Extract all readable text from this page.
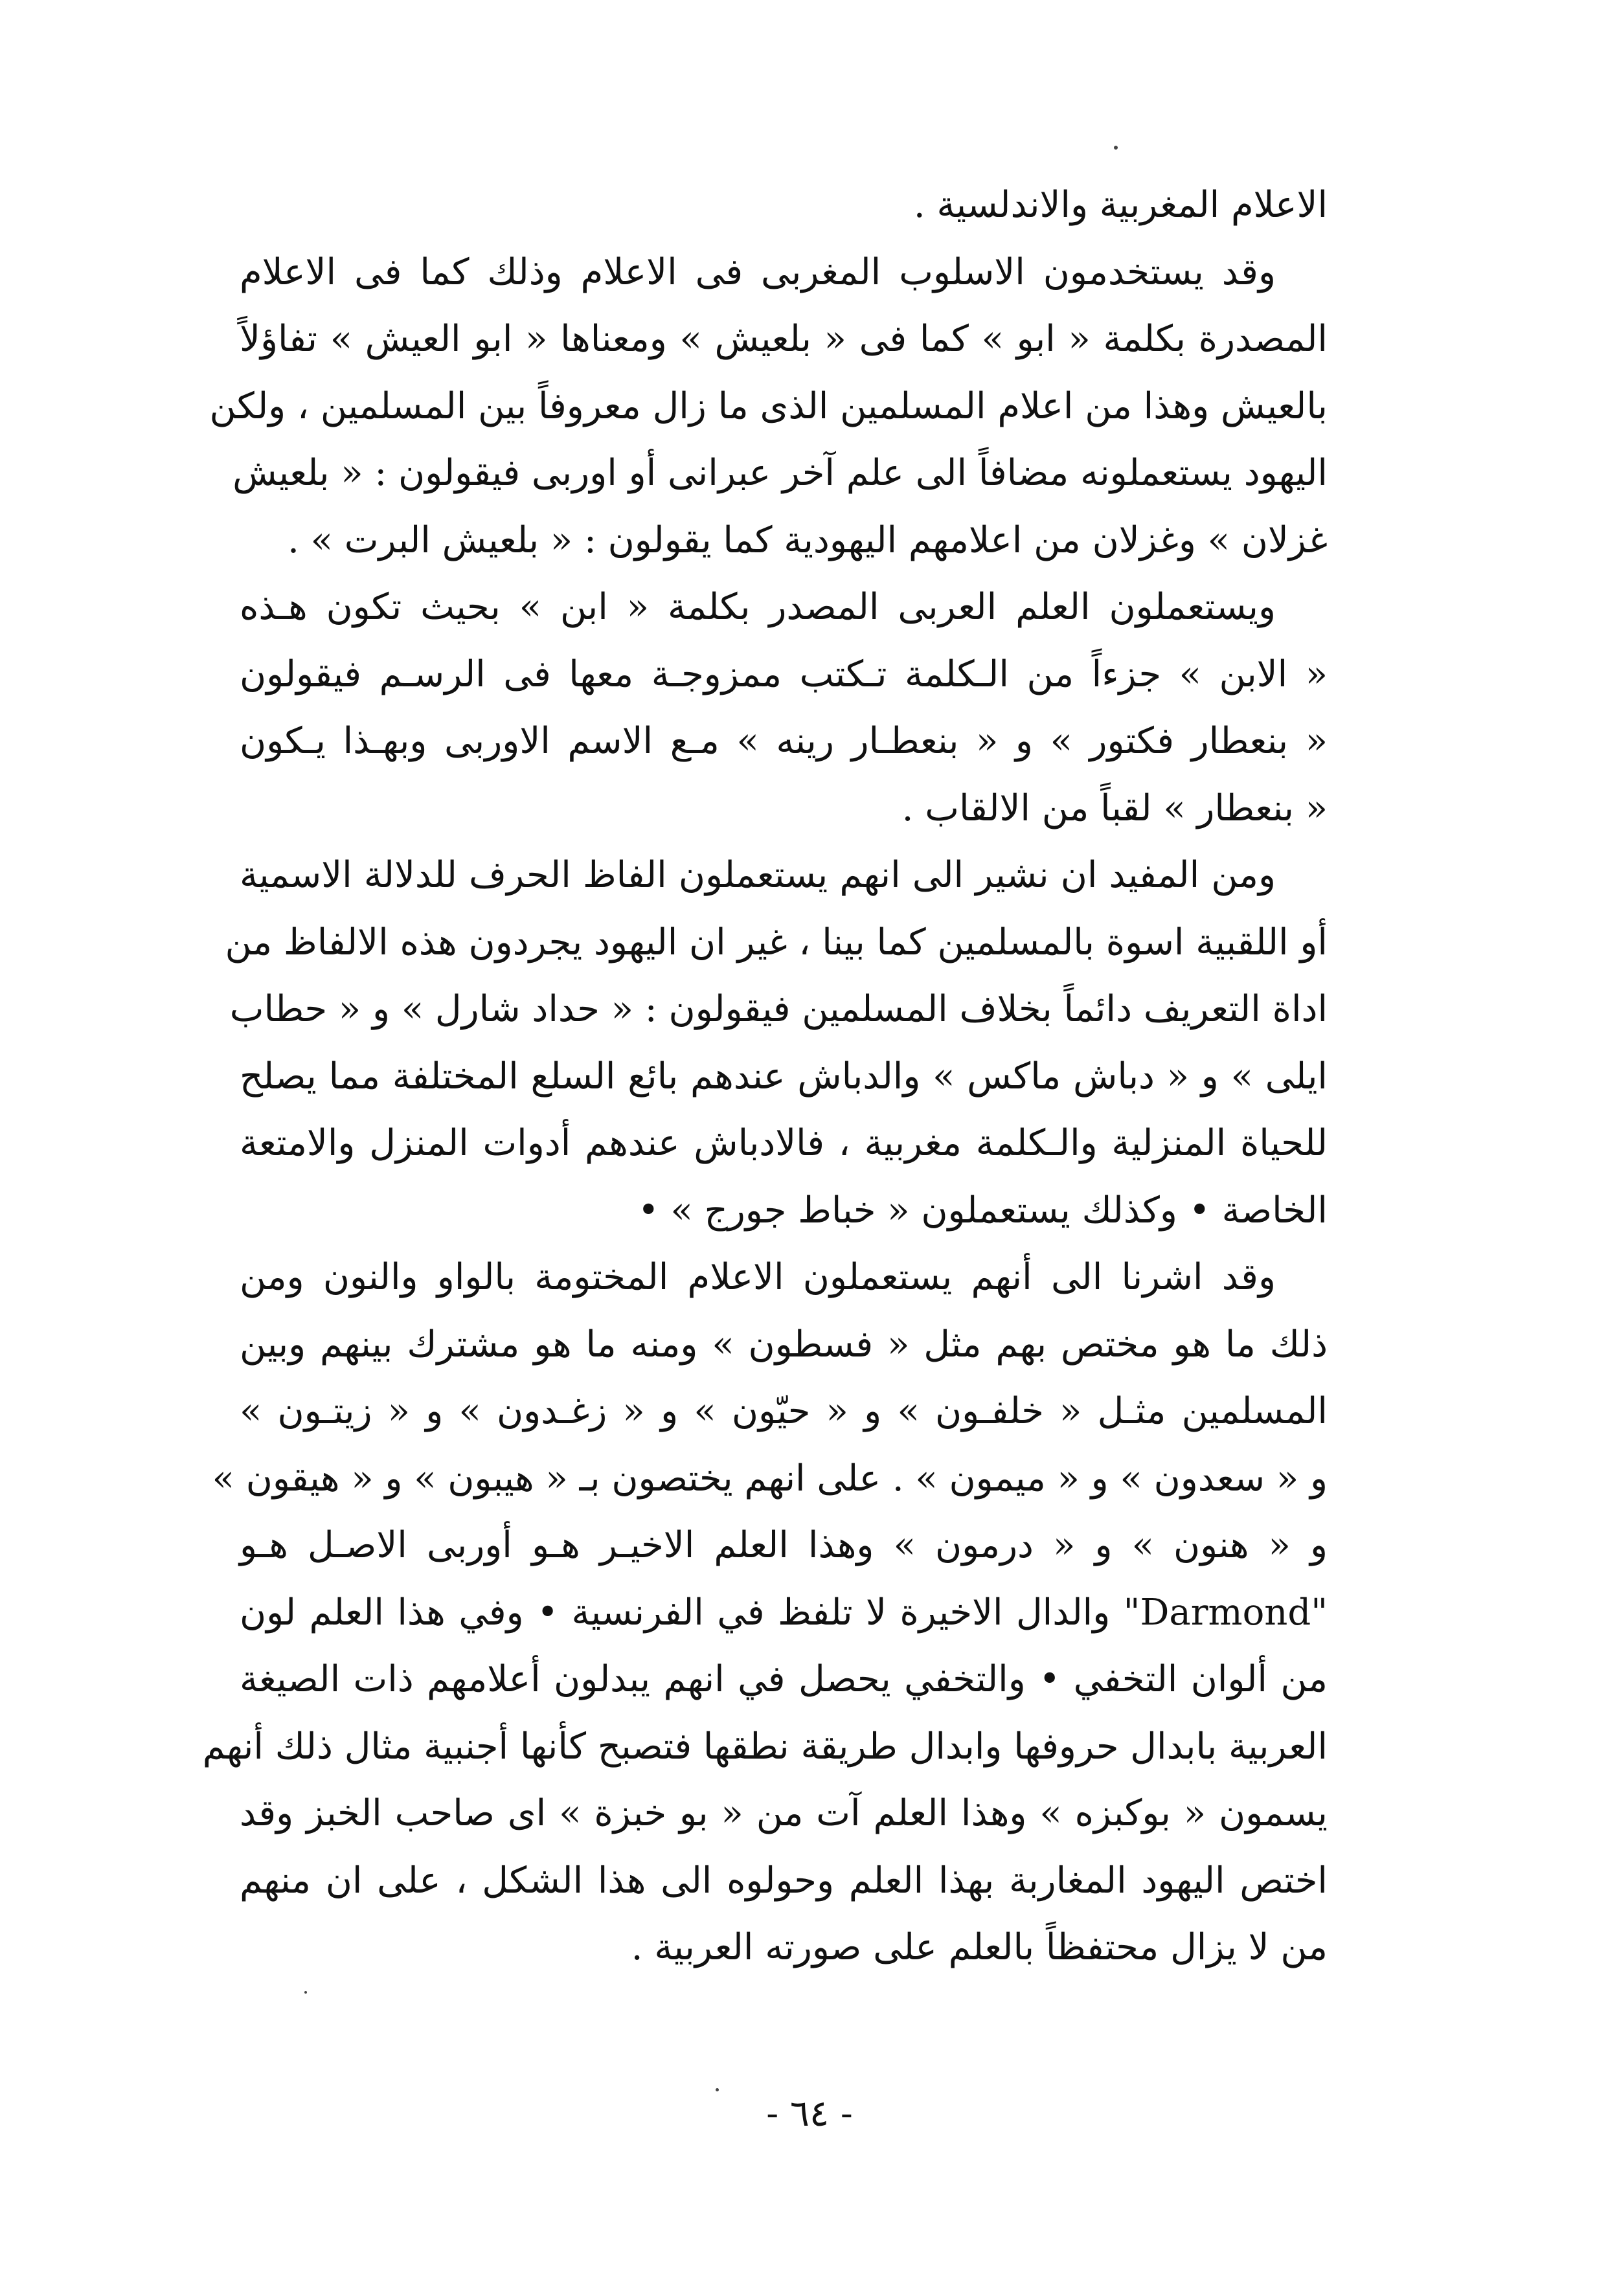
الاعلام المغربية والاندلسية .
وقد يستخدمون الاسلوب المغربى فى الاعلام وذلك كما فى الاعلام
المصدرة بكلمة « ابو » كما فى « بلعيش » ومعناها « ابو العيش » تفاؤلاً
بالعيش وهذا من اعلام المسلمين الذى ما زال معروفاً بين المسلمين ، ولكن
اليهود يستعملونه مضافاً الى علم آخر عبرانى أو اوربى فيقولون : « بلعيش
غزلان » وغزلان من اعلامهم اليهودية كما يقولون : « بلعيش البرت » .
ويستعملون العلم العربى المصدر بكلمة « ابن » بحيث تكون هـذه
« الابن » جزءاً من الـكلمة تـكتب ممزوجـة معها فى الرسـم فيقولون
« بنعطار فكتور » و « بنعطـار رينه » مـع الاسم الاوربى وبهـذا يـكون
« بنعطار » لقباً من الالقاب .
ومن المفيد ان نشير الى انهم يستعملون الفاظ الحرف للدلالة الاسمية
أو اللقبية اسوة بالمسلمين كما بينا ، غير ان اليهود يجردون هذه الالفاظ من
اداة التعريف دائماً بخلاف المسلمين فيقولون : « حداد شارل » و « حطاب
ايلى » و « دباش ماكس » والدباش عندهم بائع السلع المختلفة مما يصلح
للحياة المنزلية والـكلمة مغربية ، فالادباش عندهم أدوات المنزل والامتعة
الخاصة • وكذلك يستعملون « خباط جورج » •
وقد اشرنا الى أنهم يستعملون الاعلام المختومة بالواو والنون ومن
ذلك ما هو مختص بهم مثل « فسطون » ومنه ما هو مشترك بينهم وبين
المسلمين مثـل « خلفـون » و « حيّون » و « زغـدون » و « زيتـون »
و « سعدون » و « ميمون » . على انهم يختصون بـ « هيبون » و « هيقون »
و « هنون » و « درمون » وهذا العلم الاخيـر هـو أوربى الاصـل هـو
"Darmond" والدال الاخيرة لا تلفظ في الفرنسية • وفي هذا العلم لون
من ألوان التخفي • والتخفي يحصل في انهم يبدلون أعلامهم ذات الصيغة
العربية بابدال حروفها وابدال طريقة نطقها فتصبح كأنها أجنبية مثال ذلك أنهم
يسمون « بوكبزه » وهذا العلم آت من « بو خبزة » اى صاحب الخبز وقد
اختص اليهود المغاربة بهذا العلم وحولوه الى هذا الشكل ، على ان منهم
من لا يزال محتفظاً بالعلم على صورته العربية .
- ٦٤ -
